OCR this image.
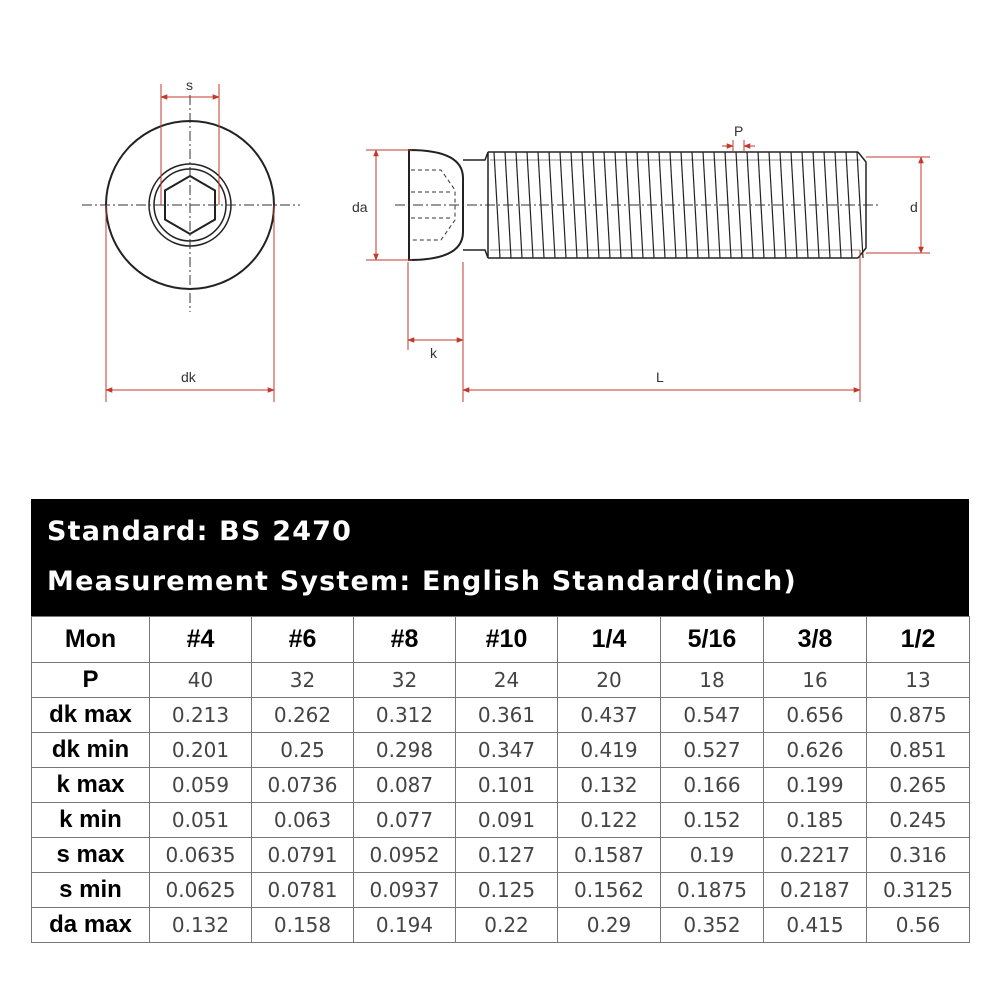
s
dk
da
k
L
P
d
Standard: BS 2470
Measurement System: English Standard(inch)
Mon	#4	#6	#8	#10	1/4	5/16	3/8	1/2
P	40	32	32	24	20	18	16	13
dk max	0.213	0.262	0.312	0.361	0.437	0.547	0.656	0.875
dk min	0.201	0.25	0.298	0.347	0.419	0.527	0.626	0.851
k max	0.059	0.0736	0.087	0.101	0.132	0.166	0.199	0.265
k min	0.051	0.063	0.077	0.091	0.122	0.152	0.185	0.245
s max	0.0635	0.0791	0.0952	0.127	0.1587	0.19	0.2217	0.316
s min	0.0625	0.0781	0.0937	0.125	0.1562	0.1875	0.2187	0.3125
da max	0.132	0.158	0.194	0.22	0.29	0.352	0.415	0.56
